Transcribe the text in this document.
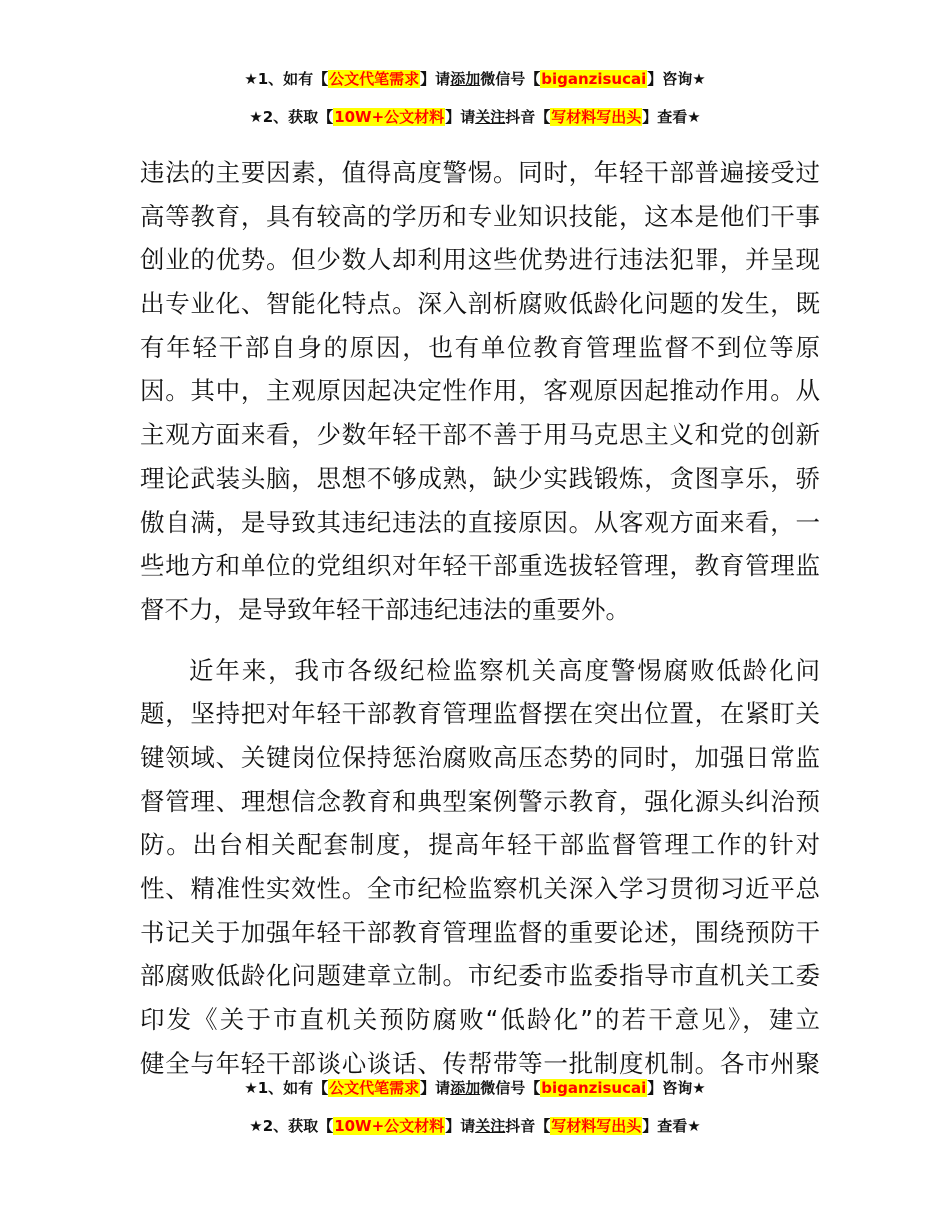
★1、如有【公文代笔需求】请添加微信号【biganzisucai】咨询★
★2、获取【10W+公文材料】请关注抖音【写材料写出头】查看★
违法的主要因素，值得高度警惕。同时，年轻干部普遍接受过
高等教育，具有较高的学历和专业知识技能，这本是他们干事
创业的优势。但少数人却利用这些优势进行违法犯罪，并呈现
出专业化、智能化特点。深入剖析腐败低龄化问题的发生，既
有年轻干部自身的原因，也有单位教育管理监督不到位等原
因。其中，主观原因起决定性作用，客观原因起推动作用。从
主观方面来看，少数年轻干部不善于用马克思主义和党的创新
理论武装头脑，思想不够成熟，缺少实践锻炼，贪图享乐，骄
傲自满，是导致其违纪违法的直接原因。从客观方面来看，一
些地方和单位的党组织对年轻干部重选拔轻管理，教育管理监
督不力，是导致年轻干部违纪违法的重要外。
近年来，我市各级纪检监察机关高度警惕腐败低龄化问
题，坚持把对年轻干部教育管理监督摆在突出位置，在紧盯关
键领域、关键岗位保持惩治腐败高压态势的同时，加强日常监
督管理、理想信念教育和典型案例警示教育，强化源头纠治预
防。出台相关配套制度，提高年轻干部监督管理工作的针对
性、精准性实效性。全市纪检监察机关深入学习贯彻习近平总
书记关于加强年轻干部教育管理监督的重要论述，围绕预防干
部腐败低龄化问题建章立制。市纪委市监委指导市直机关工委
印发《关于市直机关预防腐败“低龄化”的若干意见》，建立
健全与年轻干部谈心谈话、传帮带等一批制度机制。各市州聚
★1、如有【公文代笔需求】请添加微信号【biganzisucai】咨询★
★2、获取【10W+公文材料】请关注抖音【写材料写出头】查看★
